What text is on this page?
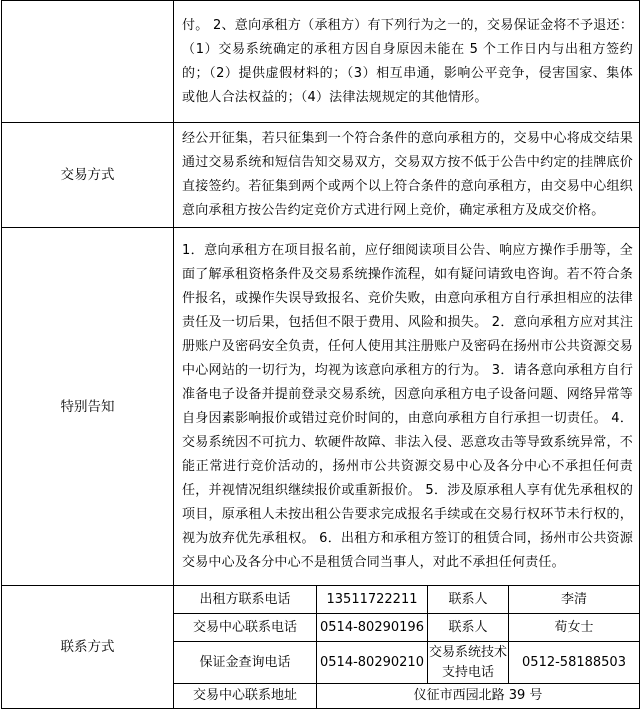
	付。 2、意向承租方（承租方）有下列行为之一的，交易保证金将不予退还：（1）交易系统确定的承租方因自身原因未能在 5 个工作日内与出租方签约的；（2）提供虚假材料的；（3）相互串通，影响公平竞争，侵害国家、集体或他人合法权益的；（4）法律法规规定的其他情形。			
交易方式	经公开征集，若只征集到一个符合条件的意向承租方的，交易中心将成交结果通过交易系统和短信告知交易双方，交易双方按不低于公告中约定的挂牌底价直接签约。若征集到两个或两个以上符合条件的意向承租方，由交易中心组织意向承租方按公告约定竞价方式进行网上竞价，确定承租方及成交价格。			
特别告知	1．意向承租方在项目报名前，应仔细阅读项目公告、响应方操作手册等，全面了解承租资格条件及交易系统操作流程，如有疑问请致电咨询。若不符合条件报名，或操作失误导致报名、竞价失败，由意向承租方自行承担相应的法律责任及一切后果，包括但不限于费用、风险和损失。 2．意向承租方应对其注册账户及密码安全负责，任何人使用其注册账户及密码在扬州市公共资源交易中心网站的一切行为，均视为该意向承租方的行为。 3．请各意向承租方自行准备电子设备并提前登录交易系统，因意向承租方电子设备问题、网络异常等自身因素影响报价或错过竞价时间的，由意向承租方自行承担一切责任。 4．交易系统因不可抗力、软硬件故障、非法入侵、恶意攻击等导致系统异常，不能正常进行竞价活动的，扬州市公共资源交易中心及各分中心不承担任何责任，并视情况组织继续报价或重新报价。 5．涉及原承租人享有优先承租权的项目，原承租人未按出租公告要求完成报名手续或在交易行权环节未行权的，视为放弃优先承租权。 6．出租方和承租方签订的租赁合同，扬州市公共资源交易中心及各分中心不是租赁合同当事人，对此不承担任何责任。			
联系方式	出租方联系电话	13511722211	联系人	李清
	交易中心联系电话	0514-80290196	联系人	荀女士
	保证金查询电话	0514-80290210	交易系统技术支持电话	0512-58188503
	交易中心联系地址	仪征市西园北路 39 号		
